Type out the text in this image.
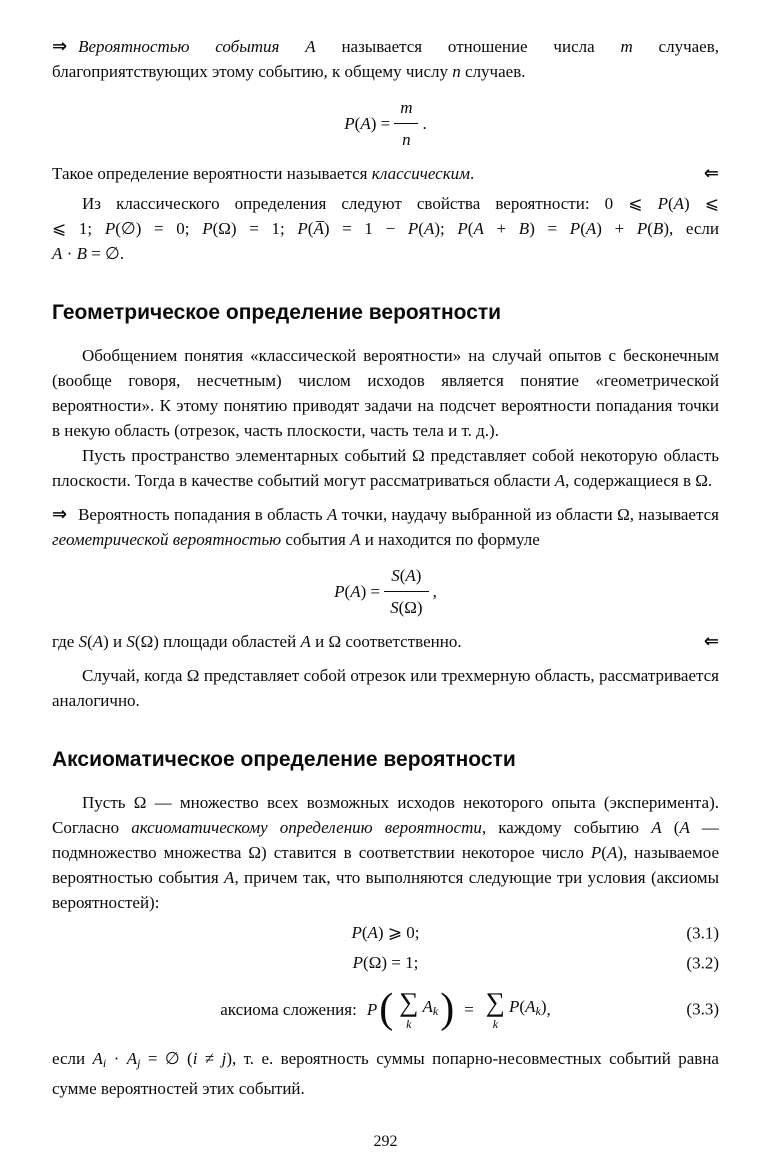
⇒ Вероятностью события A называется отношение числа m случаев, благоприятствующих этому событию, к общему числу n случаев.

$P(A) = \frac{m}{n}$ .

⇐
Такое определение вероятности называется классическим.

Из классического определения следуют свойства вероятности: 0 ⩽ P(A) ⩽
⩽ 1; P(∅) = 0; P(Ω) = 1; P(A̅) = 1 − P(A); P(A + B) = P(A) + P(B), если
A · B = ∅.

Геометрическое определение вероятности

Обобщением понятия «классической вероятности» на случай опытов с бесконечным (вообще говоря, несчетным) числом исходов является понятие «геометрической вероятности». К этому понятию приводят задачи на подсчет вероятности попадания точки в некую область (отрезок, часть плоскости, часть тела и т. д.).

Пусть пространство элементарных событий Ω представляет собой некоторую область плоскости. Тогда в качестве событий могут рассматриваться области A, содержащиеся в Ω.

⇒ Вероятность попадания в область A точки, наудачу выбранной из области Ω, называется геометрической вероятностью события A и находится по формуле

$P(A) = \frac{S(A)}{S(\Omega)}$ ,

⇐
где S(A) и S(Ω) площади областей A и Ω соответственно.

Случай, когда Ω представляет собой отрезок или трехмерную область, рассматривается аналогично.

Аксиоматическое определение вероятности

Пусть Ω — множество всех возможных исходов некоторого опыта (эксперимента). Согласно аксиоматическому определению вероятности, каждому событию A (A — подмножество множества Ω) ставится в соответствии некоторое число P(A), называемое вероятностью события A, причем так, что выполняются следующие три условия (аксиомы вероятностей):

P(A) ⩾ 0;	(3.1)
P(Ω) = 1;	(3.2)
аксиома сложения: P ( ∑
k
$A_k$ ) = ∑
k
$P(A_k)$ ,	(3.3)

если $A_i \cdot A_j$ = ∅ (i ≠ j), т. е. вероятность суммы попарно-несовместных событий равна сумме вероятностей этих событий.

292
